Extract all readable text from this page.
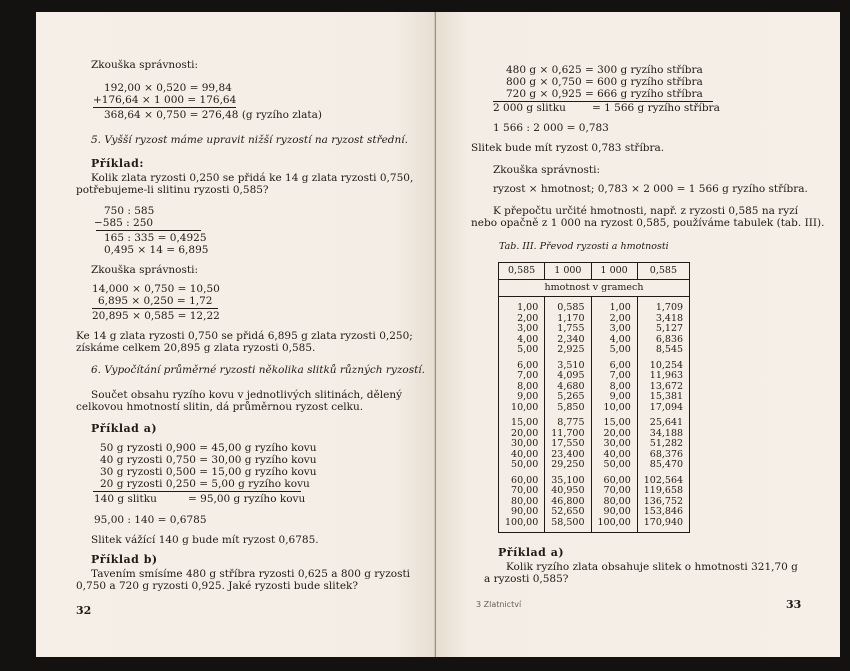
Zkouška správnosti:
192,00 × 0,520 = 99,84
+176,64 × 1 000 = 176,64
368,64 × 0,750 = 276,48 (g ryzího zlata)
5. Vyšší ryzost máme upravit nižší ryzostí na ryzost střední.
Příklad:
Kolik zlata ryzosti 0,250 se přidá ke 14 g zlata ryzosti 0,750,
potřebujeme-li slitinu ryzosti 0,585?
750 : 585
−585 : 250
165 : 335 = 0,4925
0,495 × 14 = 6,895
Zkouška správnosti:
14,000 × 0,750 = 10,50
6,895 × 0,250 = 1,72
20,895 × 0,585 = 12,22
Ke 14 g zlata ryzosti 0,750 se přidá 6,895 g zlata ryzosti 0,250;
získáme celkem 20,895 g zlata ryzosti 0,585.
6. Vypočítání průměrné ryzosti několika slitků různých ryzostí.
Součet obsahu ryzího kovu v jednotlivých slitinách, dělený
celkovou hmotností slitin, dá průměrnou ryzost celku.
Příklad a)
50 g ryzosti 0,900 = 45,00 g ryzího kovu
40 g ryzosti 0,750 = 30,00 g ryzího kovu
30 g ryzosti 0,500 = 15,00 g ryzího kovu
20 g ryzosti 0,250 = 5,00 g ryzího kovu
140 g slitku	= 95,00 g ryzího kovu
95,00 : 140 = 0,6785
Slitek vážící 140 g bude mít ryzost 0,6785.
Příklad b)
Tavením smísíme 480 g stříbra ryzosti 0,625 a 800 g ryzosti
0,750 a 720 g ryzosti 0,925. Jaké ryzosti bude slitek?
32
480 g × 0,625 = 300 g ryzího stříbra
800 g × 0,750 = 600 g ryzího stříbra
720 g × 0,925 = 666 g ryzího stříbra
2 000 g slitku = 1 566 g ryzího stříbra
1 566 : 2 000 = 0,783
Slitek bude mít ryzost 0,783 stříbra.
Zkouška správnosti:
ryzost × hmotnost; 0,783 × 2 000 = 1 566 g ryzího stříbra.
K přepočtu určité hmotnosti, např. z ryzosti 0,585 na ryzí
nebo opačně z 1 000 na ryzost 0,585, používáme tabulek (tab. III).
Tab. III. Převod ryzosti a hmotnosti
0,585	1 000	1 000	0,585
hmotnost v gramech			
1,00	0,585	1,00	1,709
2,00	1,170	2,00	3,418
3,00	1,755	3,00	5,127
4,00	2,340	4,00	6,836
5,00	2,925	5,00	8,545
6,00	3,510	6,00	10,254
7,00	4,095	7,00	11,963
8,00	4,680	8,00	13,672
9,00	5,265	9,00	15,381
10,00	5,850	10,00	17,094
15,00	8,775	15,00	25,641
20,00	11,700	20,00	34,188
30,00	17,550	30,00	51,282
40,00	23,400	40,00	68,376
50,00	29,250	50,00	85,470
60,00	35,100	60,00	102,564
70,00	40,950	70,00	119,658
80,00	46,800	80,00	136,752
90,00	52,650	90,00	153,846
100,00	58,500	100,00	170,940
Příklad a)
Kolik ryzího zlata obsahuje slitek o hmotnosti 321,70 g
a ryzosti 0,585?
3 Zlatnictví	33
